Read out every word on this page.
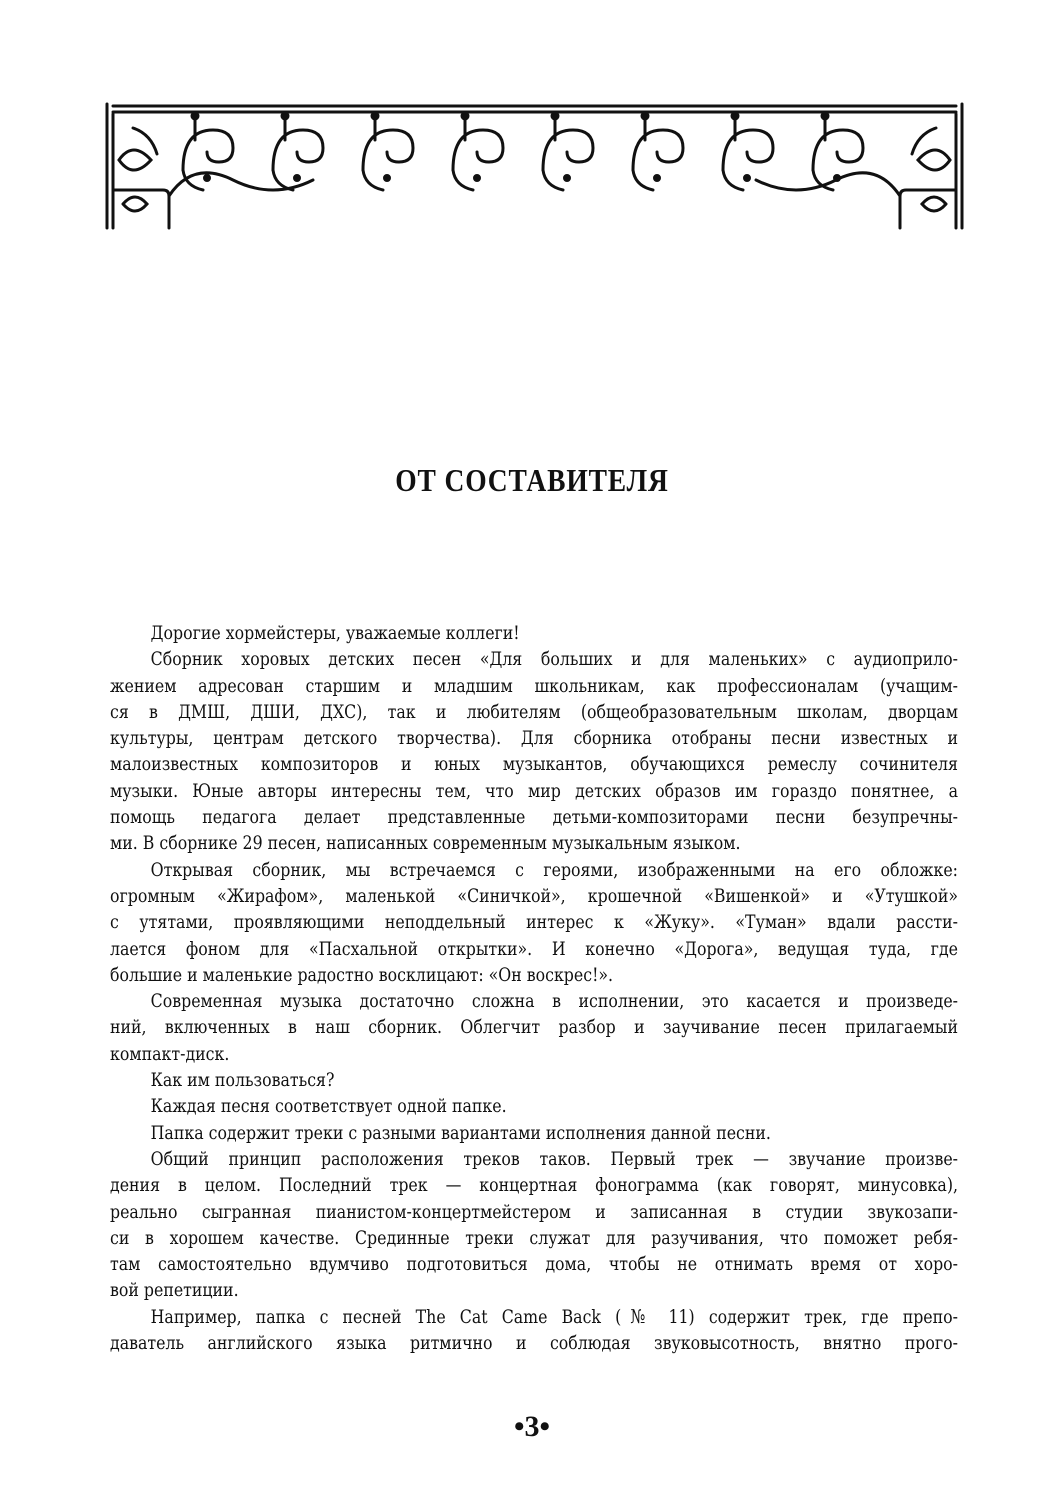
ОТ СОСТАВИТЕЛЯ

Дорогие хормейстеры, уважаемые коллеги!

Сборник хоровых детских песен «Для больших и для маленьких» с аудиоприло-
жением адресован старшим и младшим школьникам, как профессионалам (учащим-
ся в ДМШ, ДШИ, ДХС), так и любителям (общеобразовательным школам, дворцам
культуры, центрам детского творчества). Для сборника отобраны песни известных и
малоизвестных композиторов и юных музыкантов, обучающихся ремеслу сочинителя
музыки. Юные авторы интересны тем, что мир детских образов им гораздо понятнее, а
помощь педагога делает представленные детьми-композиторами песни безупречны-
ми. В сборнике 29 песен, написанных современным музыкальным языком.

Открывая сборник, мы встречаемся с героями, изображенными на его обложке:
огромным «Жирафом», маленькой «Синичкой», крошечной «Вишенкой» и «Утушкой»
с утятами, проявляющими неподдельный интерес к «Жуку». «Туман» вдали рассти-
лается фоном для «Пасхальной открытки». И конечно «Дорога», ведущая туда, где
большие и маленькие радостно восклицают: «Он воскрес!».

Современная музыка достаточно сложна в исполнении, это касается и произведе-
ний, включенных в наш сборник. Облегчит разбор и заучивание песен прилагаемый
компакт-диск.

Как им пользоваться?

Каждая песня соответствует одной папке.

Папка содержит треки с разными вариантами исполнения данной песни.

Общий принцип расположения треков таков. Первый трек — звучание произве-
дения в целом. Последний трек — концертная фонограмма (как говорят, минусовка),
реально сыгранная пианистом-концертмейстером и записанная в студии звукозапи-
си в хорошем качестве. Срединные треки служат для разучивания, что поможет ребя-
там самостоятельно вдумчиво подготовиться дома, чтобы не отнимать время от хоро-
вой репетиции.

Например, папка с песней The Cat Came Back (№ 11) содержит трек, где препо-
даватель английского языка ритмично и соблюдая звуковысотность, внятно прого-

•3•
